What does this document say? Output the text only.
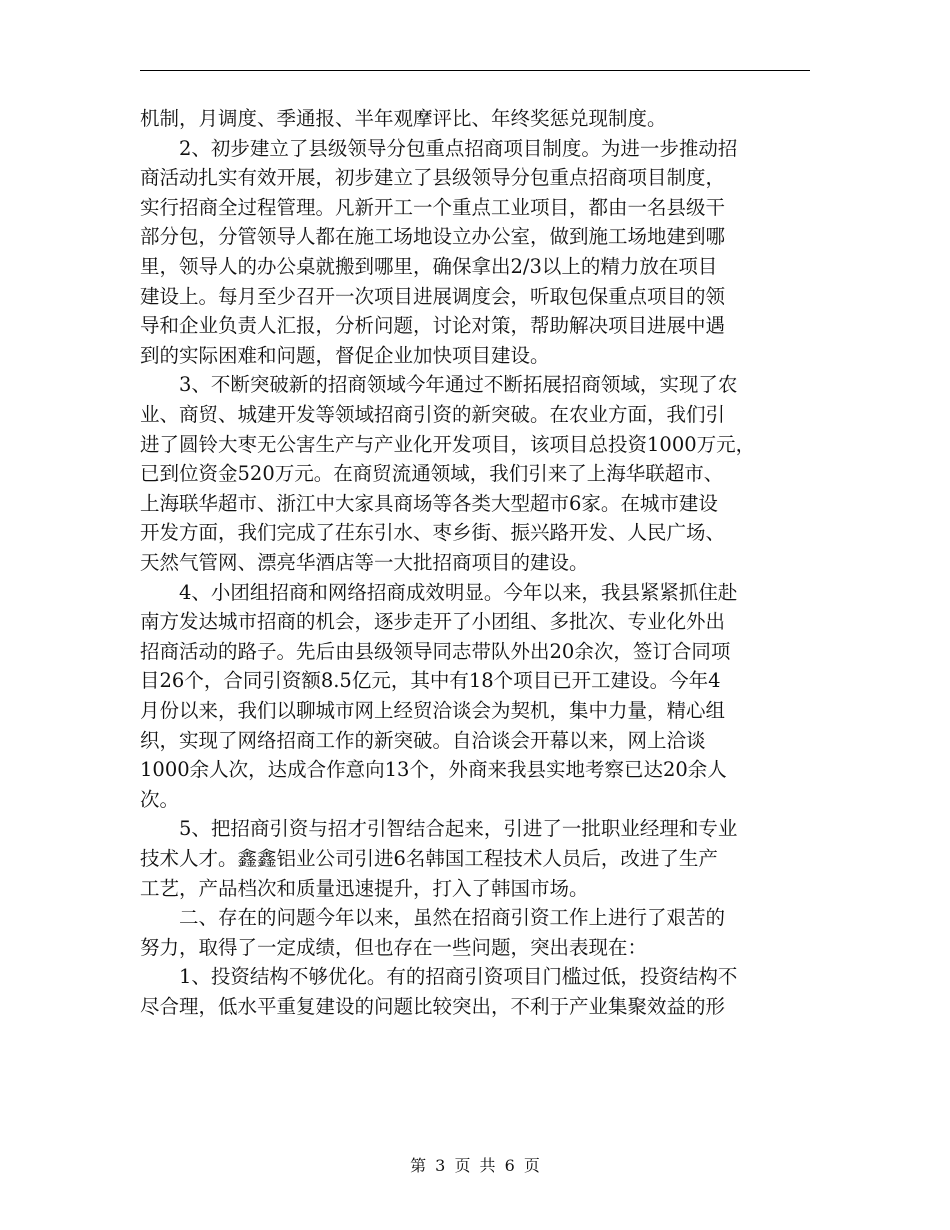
机制，月调度、季通报、半年观摩评比、年终奖惩兑现制度。
　　2、初步建立了县级领导分包重点招商项目制度。为进一步推动招
商活动扎实有效开展，初步建立了县级领导分包重点招商项目制度，
实行招商全过程管理。凡新开工一个重点工业项目，都由一名县级干
部分包，分管领导人都在施工场地设立办公室，做到施工场地建到哪
里，领导人的办公桌就搬到哪里，确保拿出2/3以上的精力放在项目
建设上。每月至少召开一次项目进展调度会，听取包保重点项目的领
导和企业负责人汇报，分析问题，讨论对策，帮助解决项目进展中遇
到的实际困难和问题，督促企业加快项目建设。
　　3、不断突破新的招商领域今年通过不断拓展招商领域，实现了农
业、商贸、城建开发等领域招商引资的新突破。在农业方面，我们引
进了圆铃大枣无公害生产与产业化开发项目，该项目总投资1000万元，
已到位资金520万元。在商贸流通领域，我们引来了上海华联超市、
上海联华超市、浙江中大家具商场等各类大型超市6家。在城市建设
开发方面，我们完成了茌东引水、枣乡街、振兴路开发、人民广场、
天然气管网、漂亮华酒店等一大批招商项目的建设。
　　4、小团组招商和网络招商成效明显。今年以来，我县紧紧抓住赴
南方发达城市招商的机会，逐步走开了小团组、多批次、专业化外出
招商活动的路子。先后由县级领导同志带队外出20余次，签订合同项
目26个，合同引资额8.5亿元，其中有18个项目已开工建设。今年4
月份以来，我们以聊城市网上经贸洽谈会为契机，集中力量，精心组
织，实现了网络招商工作的新突破。自洽谈会开幕以来，网上洽谈
1000余人次，达成合作意向13个，外商来我县实地考察已达20余人
次。
　　5、把招商引资与招才引智结合起来，引进了一批职业经理和专业
技术人才。鑫鑫铝业公司引进6名韩国工程技术人员后，改进了生产
工艺，产品档次和质量迅速提升，打入了韩国市场。
　　二、存在的问题今年以来，虽然在招商引资工作上进行了艰苦的
努力，取得了一定成绩，但也存在一些问题，突出表现在：
　　1、投资结构不够优化。有的招商引资项目门槛过低，投资结构不
尽合理，低水平重复建设的问题比较突出，不利于产业集聚效益的形
第 3 页 共 6 页
